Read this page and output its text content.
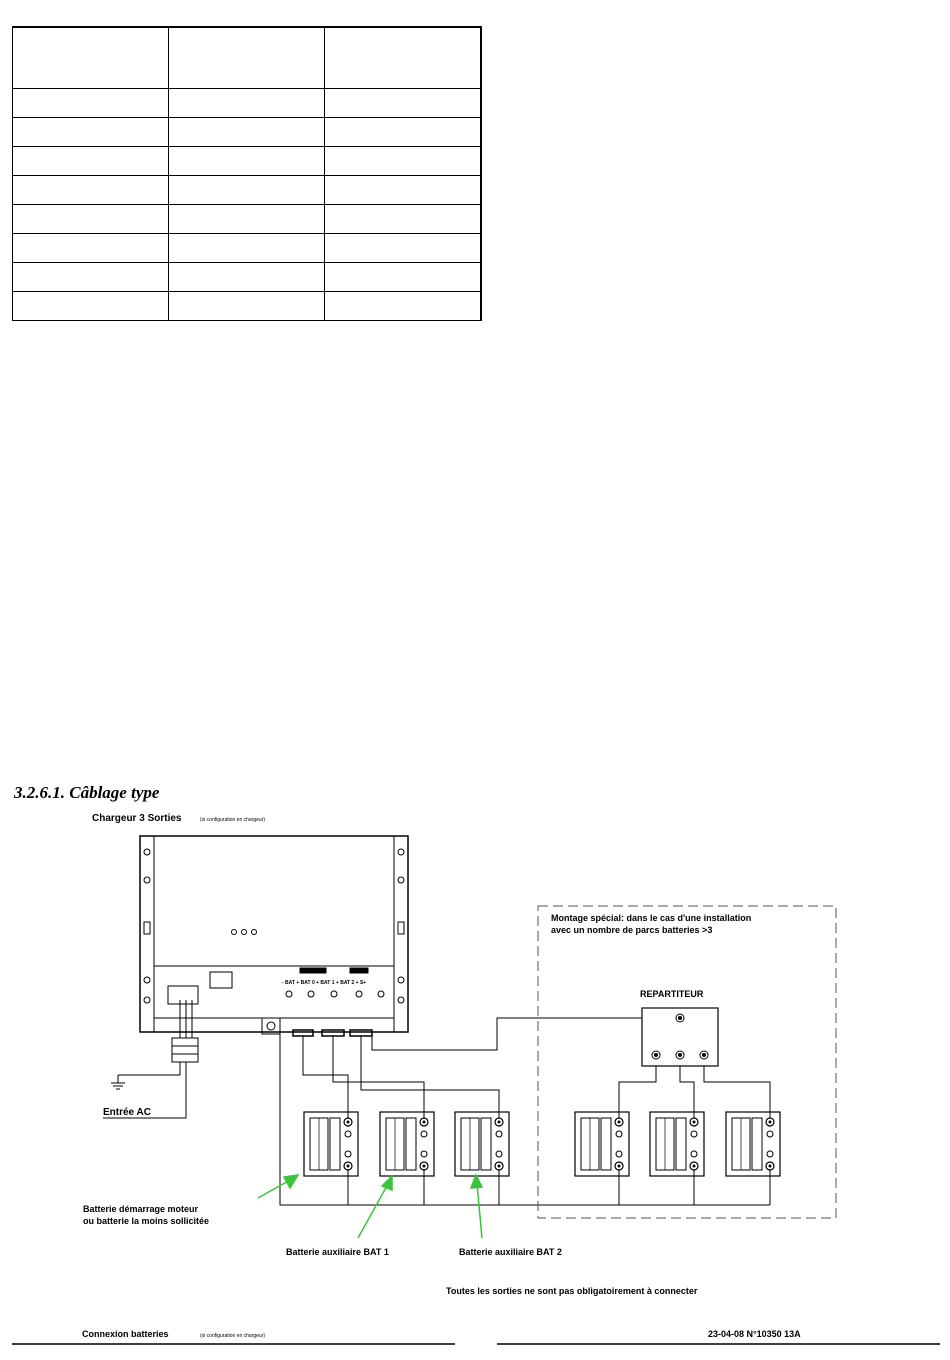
3.2.6.1. Câblage type
Chargeur 3 Sorties	(si configuration en chargeur)
- BAT + BAT 0 + BAT 1 + BAT 2 + S+
Entrée AC
REPARTITEUR
Montage spécial: dans le cas d'une installation
avec un nombre de parcs batteries >3
Batterie démarrage moteur
ou batterie la moins sollicitée
Batterie auxiliaire BAT 1	Batterie auxiliaire BAT 2
Toutes les sorties ne sont pas obligatoirement à connecter
Connexion batteries	(si configuration en chargeur)	23-04-08 N°10350 13A
